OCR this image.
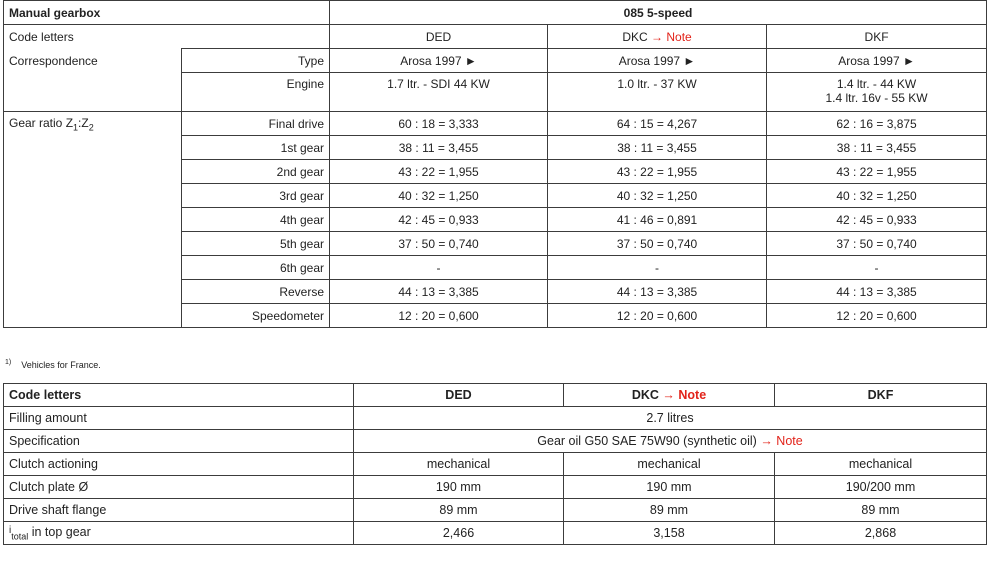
Manual gearbox		085 5-speed		
Code letters		DED	DKC → Note	DKF
Correspondence	Type	Arosa 1997 ►	Arosa 1997 ►	Arosa 1997 ►
	Engine	1.7 ltr. - SDI 44 KW	1.0 ltr. - 37 KW	1.4 ltr. - 44 KW
1.4 ltr. 16v - 55 KW

Gear ratio $Z_1:Z_2$	Final drive	60 : 18 = 3,333	64 : 15 = 4,267	62 : 16 = 3,875
	1st gear	38 : 11 = 3,455	38 : 11 = 3,455	38 : 11 = 3,455
	2nd gear	43 : 22 = 1,955	43 : 22 = 1,955	43 : 22 = 1,955
	3rd gear	40 : 32 = 1,250	40 : 32 = 1,250	40 : 32 = 1,250
	4th gear	42 : 45 = 0,933	41 : 46 = 0,891	42 : 45 = 0,933
	5th gear	37 : 50 = 0,740	37 : 50 = 0,740	37 : 50 = 0,740
	6th gear	-	-	-
	Reverse	44 : 13 = 3,385	44 : 13 = 3,385	44 : 13 = 3,385
	Speedometer	12 : 20 = 0,600	12 : 20 = 0,600	12 : 20 = 0,600
$^{1)}$ Vehicles for France.
Code letters	DED	DKC → Note	DKF
Filling amount	2.7 litres		
Specification	Gear oil G50 SAE 75W90 (synthetic oil) → Note		
Clutch actioning	mechanical	mechanical	mechanical
Clutch plate Ø	190 mm	190 mm	190/200 mm
Drive shaft flange	89 mm	89 mm	89 mm
$^i_{total}$ in top gear	2,466	3,158	2,868
